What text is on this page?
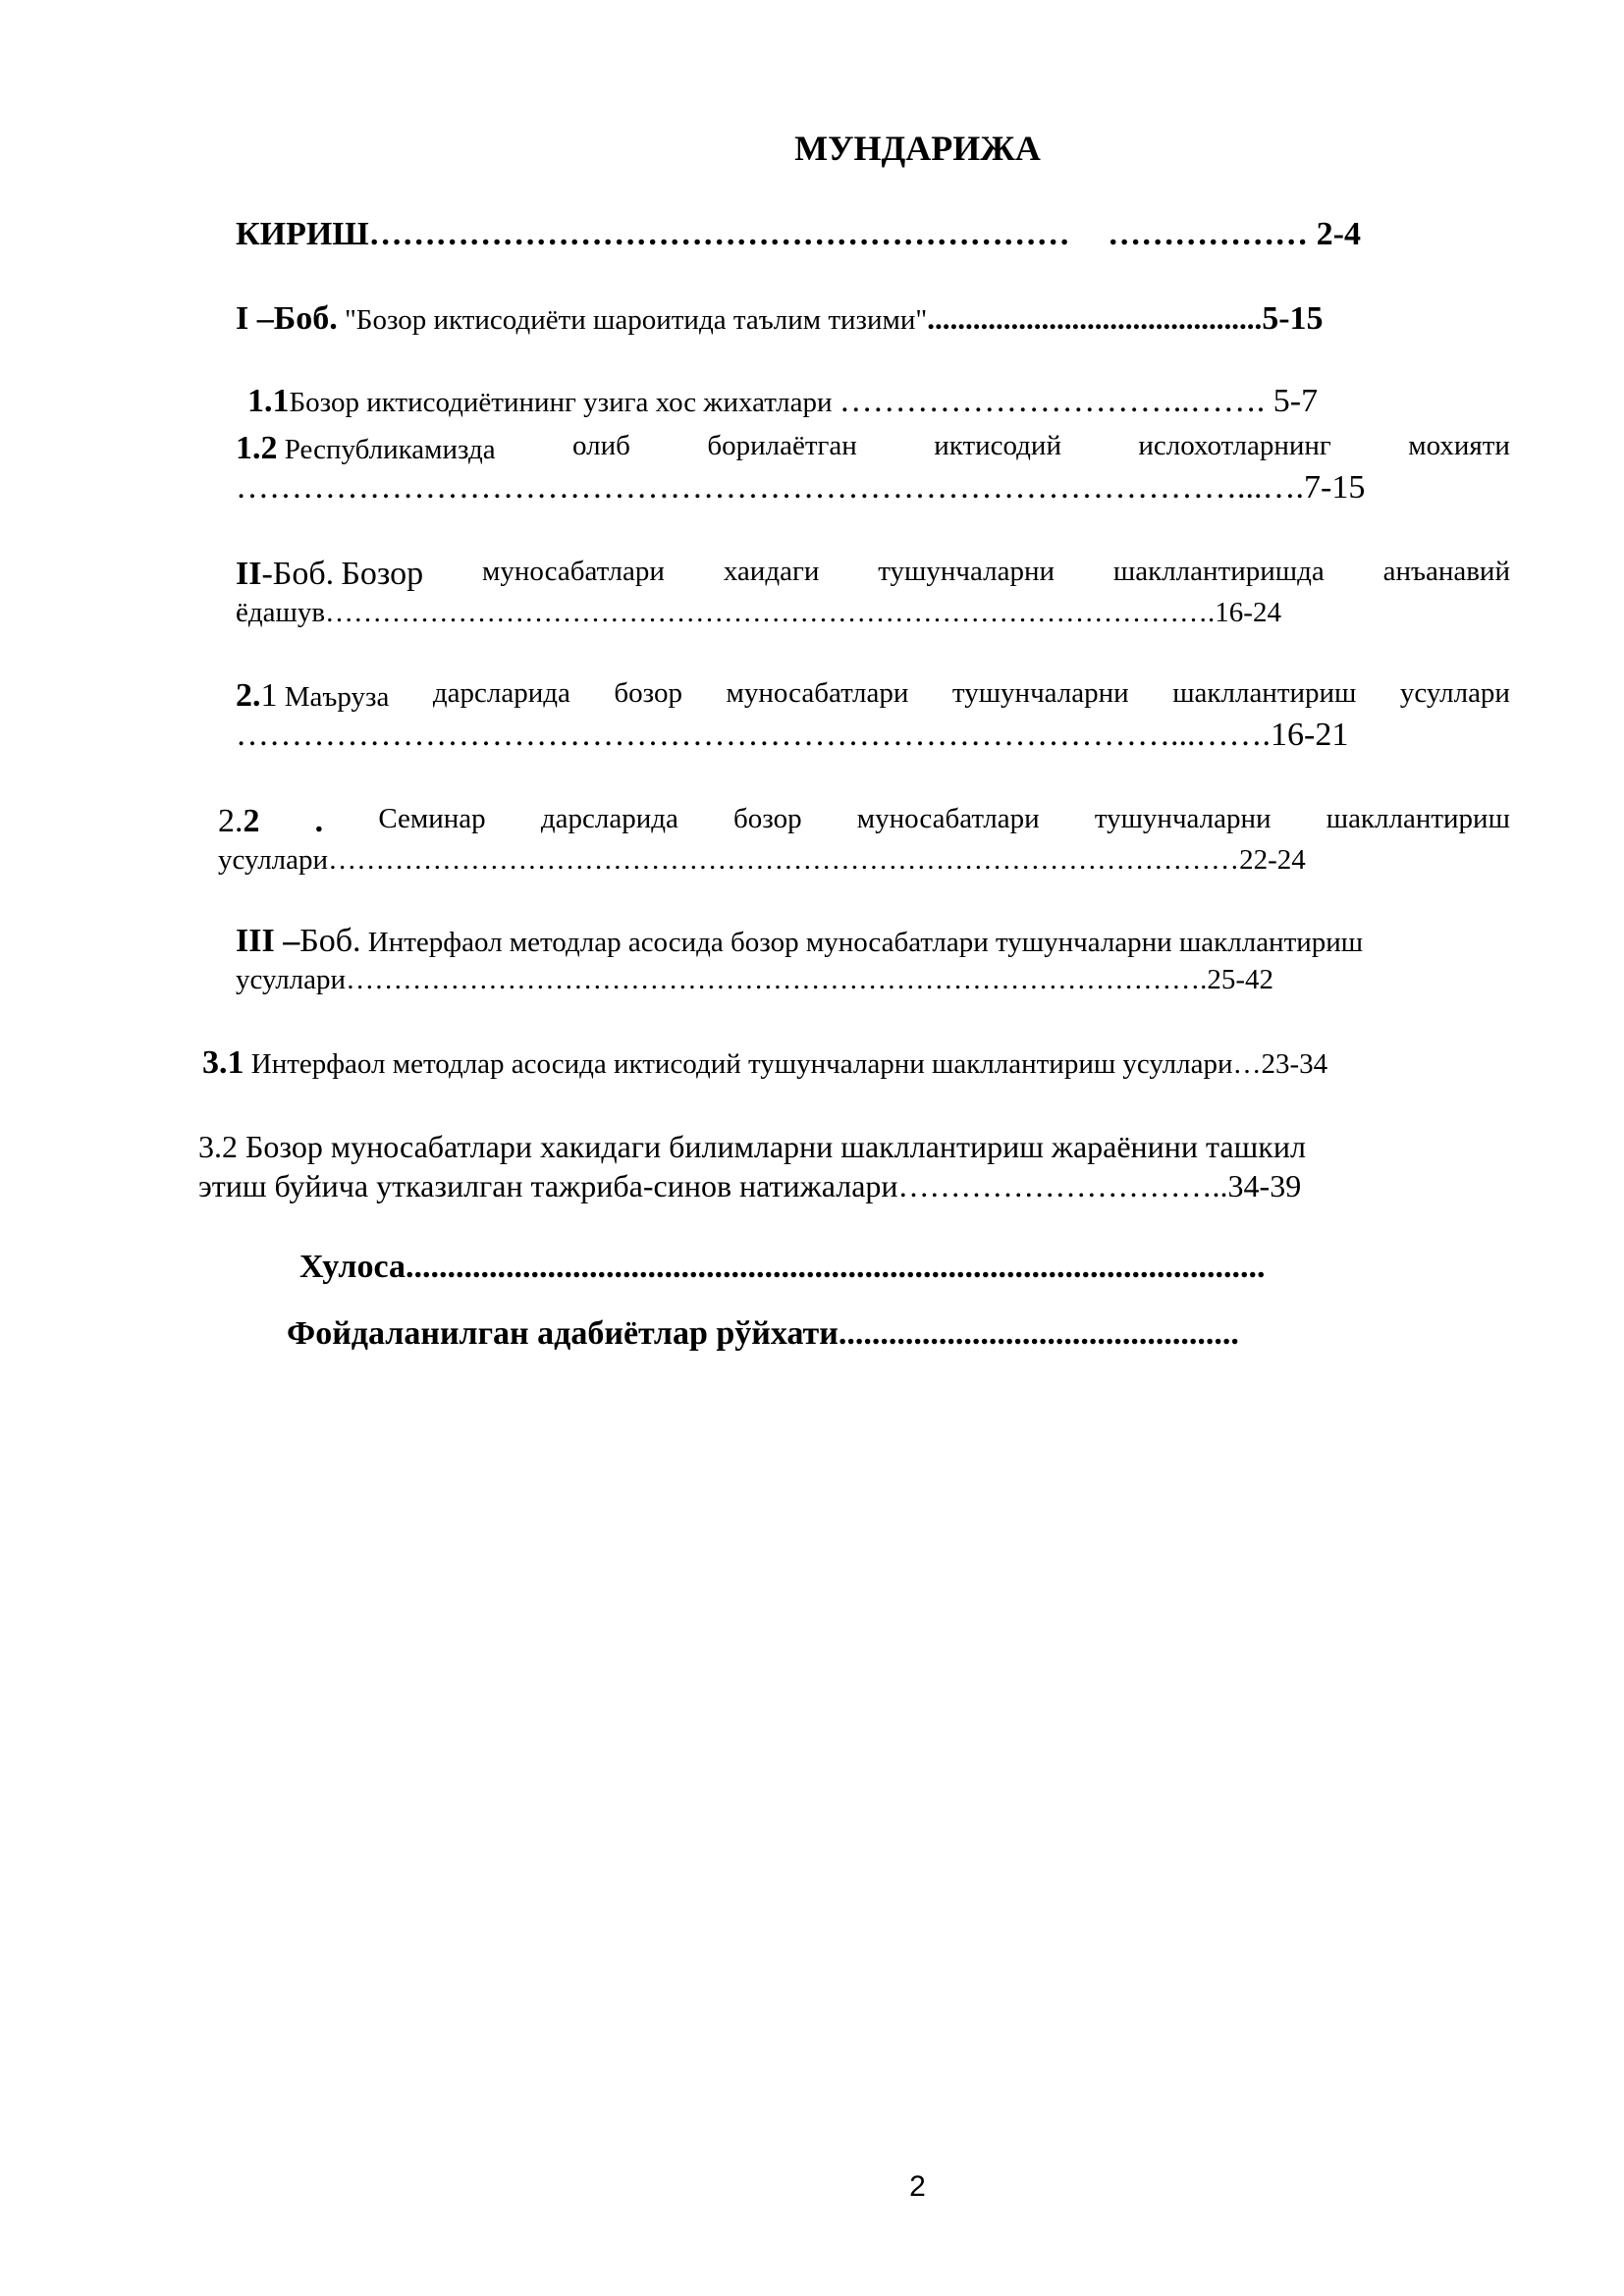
МУНДАРИЖА
КИРИШ……………………………………………………… ……………… 2-4
I –Боб. "Бозор иктисодиёти шароитида таълим тизими"............................................5-15
1.1Бозор иктисодиётининг узига хос жихатлари …………………………..……. 5-7
1.2 Республикамизда	олиб	борилаётган	иктисодий	ислохотларнинг	мохияти
………………………………………………………………………………...….7-15
II-Боб. Бозор муносабатлари хаидаги тушунчаларни шакллантиришда анъанавий
ёдашув………………………………………………………………………………….16-24
2.1 Маъруза дарсларида бозор муносабатлари тушунчаларни шакллантириш усуллари
…………………………………………………………………………...…….16-21
2.2 . Семинар дарсларида бозор муносабатлари тушунчаларни шакллантириш
усуллари……………………………………………………………………………………22-24
III –Боб. Интерфаол методлар асосида бозор муносабатлари тушунчаларни шакллантириш
усуллари……………………………………………………………………………….25-42
3.1 Интерфаол методлар асосида иктисодий тушунчаларни шакллантириш усуллари…23-34
3.2 Бозор муносабатлари хакидаги билимларни шакллантириш жараёнини ташкил
этиш буйича утказилган тажриба-синов натижалари…………………………..34-39
Хулоса.......................................................................................................
Фойдаланилган адабиётлар рўйхати................................................
2
